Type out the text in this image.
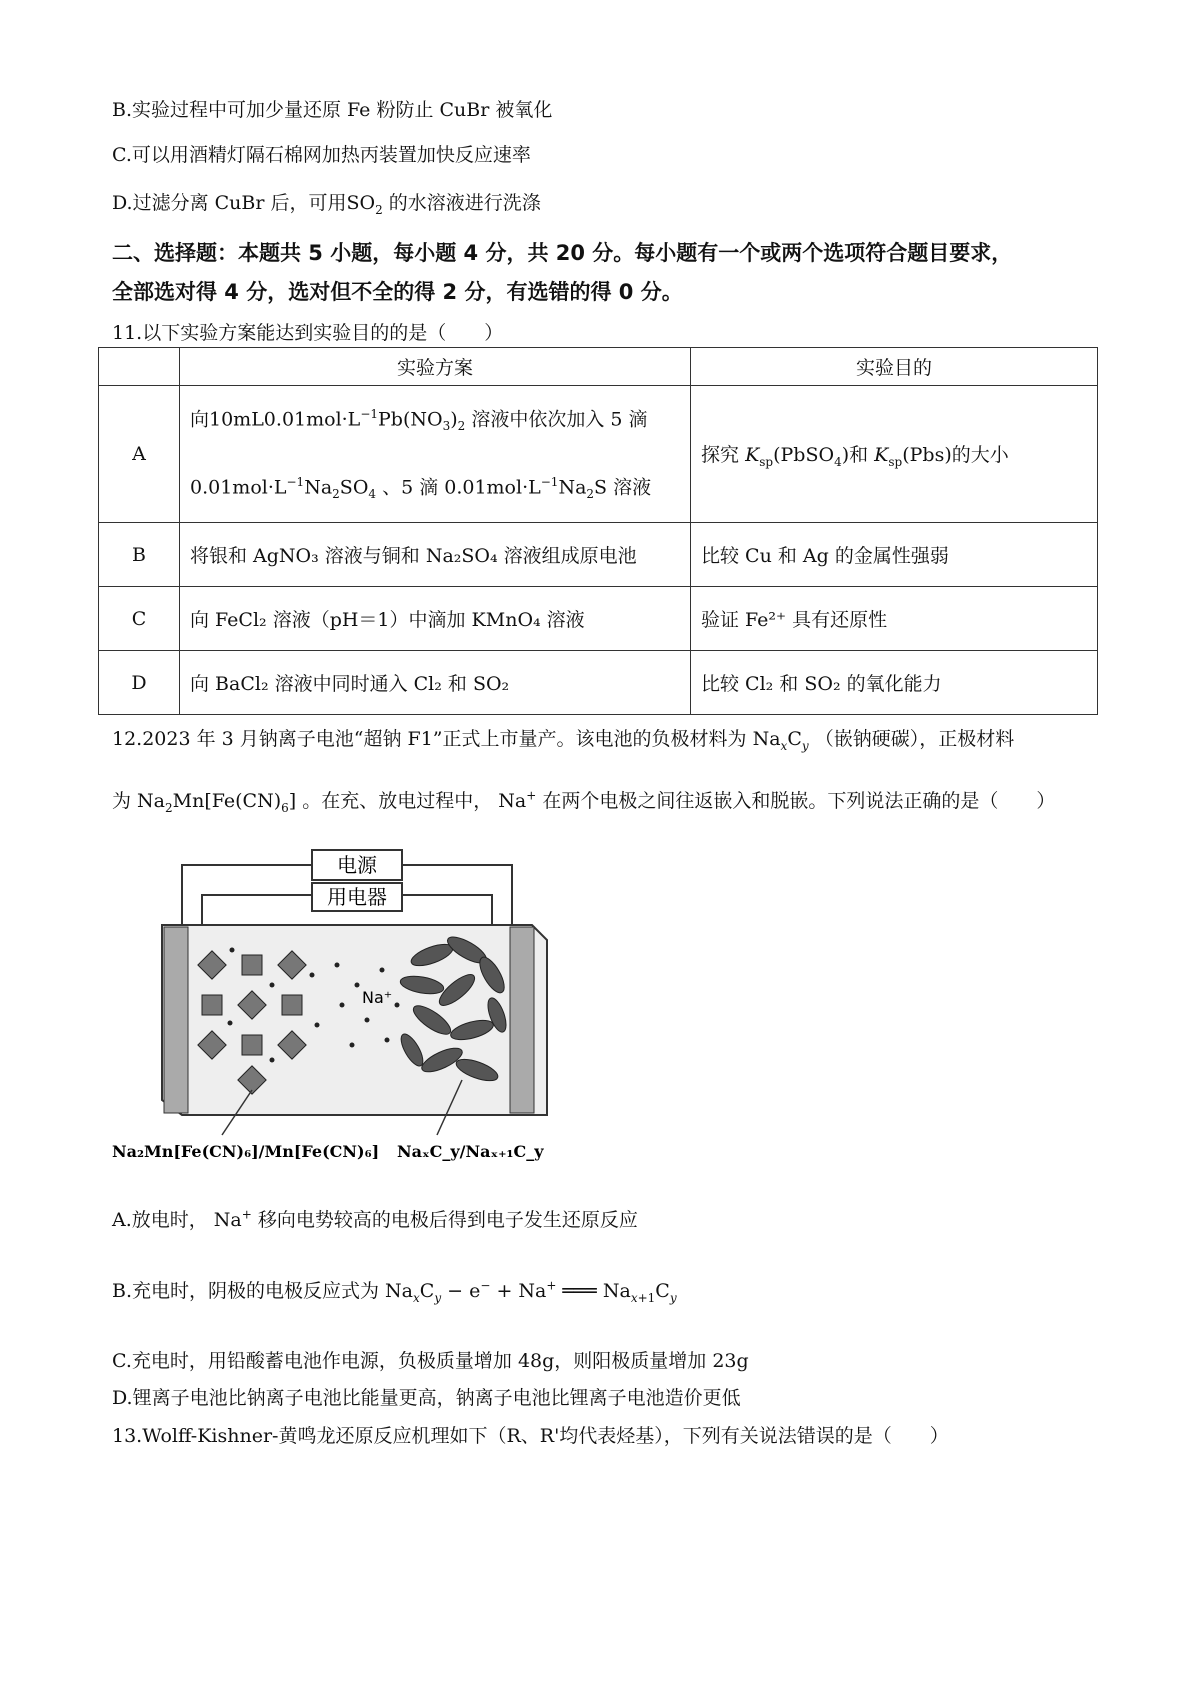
B.实验过程中可加少量还原 Fe 粉防止 CuBr 被氧化
C.可以用酒精灯隔石棉网加热丙装置加快反应速率
D.过滤分离 CuBr 后，可用$SO_2$ 的水溶液进行洗涤
二、选择题：本题共 5 小题，每小题 4 分，共 20 分。每小题有一个或两个选项符合题目要求，
全部选对得 4 分，选对但不全的得 2 分，有选错的得 0 分。
11.以下实验方案能达到实验目的的是（　　）
	实验方案	实验目的
A	向$10mL0.01mol\cdot L^{-1}Pb(NO_3)_2$ 溶液中依次加入 5 滴
$0.01mol\cdot L^{-1}Na_2SO_4$ 、5 滴 $0.01mol\cdot L^{-1}Na_2S$ 溶液	探究 $K_{sp}(PbSO_4)$和 $K_{sp}(Pbs)$的大小
B	将银和 AgNO₃ 溶液与铜和 Na₂SO₄ 溶液组成原电池	比较 Cu 和 Ag 的金属性强弱
C	向 FeCl₂ 溶液（pH＝1）中滴加 KMnO₄ 溶液	验证 Fe²⁺ 具有还原性
D	向 BaCl₂ 溶液中同时通入 Cl₂ 和 SO₂	比较 Cl₂ 和 SO₂ 的氧化能力
12.2023 年 3 月钠离子电池“超钠 F1”正式上市量产。该电池的负极材料为 $Na_xC_y$ （嵌钠硬碳），正极材料
为 $Na_2Mn[Fe(CN)_6]$ 。在充、放电过程中， Na+ 在两个电极之间往返嵌入和脱嵌。下列说法正确的是（　　）
电源
用电器
Na⁺
Na₂Mn[Fe(CN)₆]/Mn[Fe(CN)₆] NaₓC_y/Naₓ₊₁C_y
A.放电时， Na+ 移向电势较高的电极后得到电子发生还原反应
B.充电时，阴极的电极反应式为 $Na_xC_y - e^- + Na^+$ ═══ $Na_{x+1}C_y$
C.充电时，用铅酸蓄电池作电源，负极质量增加 48g，则阳极质量增加 23g
D.锂离子电池比钠离子电池比能量更高，钠离子电池比锂离子电池造价更低
13.Wolff-Kishner-黄鸣龙还原反应机理如下（R、R'均代表烃基），下列有关说法错误的是（　　）
